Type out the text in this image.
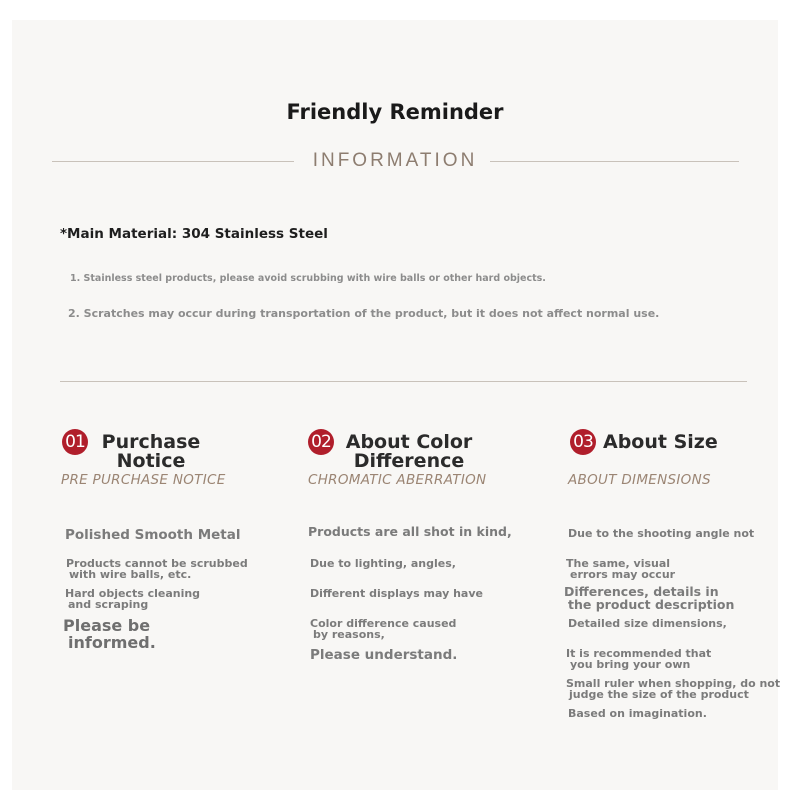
Friendly Reminder
INFORMATION
*Main Material: 304 Stainless Steel
1. Stainless steel products, please avoid scrubbing with wire balls or other hard objects.
2. Scratches may occur during transportation of the product, but it does not affect normal use.
01 Purchase
Notice
PRE PURCHASE NOTICE
Polished Smooth Metal
Products cannot be scrubbed
with wire balls, etc.
Hard objects cleaning
and scraping
Please be
informed.
02 About Color
Difference
CHROMATIC ABERRATION
Products are all shot in kind,
Due to lighting, angles,
Different displays may have
Color difference caused
by reasons,
Please understand.
03 About Size
ABOUT DIMENSIONS
Due to the shooting angle not
The same, visual
errors may occur
Differences, details in
the product description
Detailed size dimensions,
It is recommended that
you bring your own
Small ruler when shopping, do not
judge the size of the product
Based on imagination.
